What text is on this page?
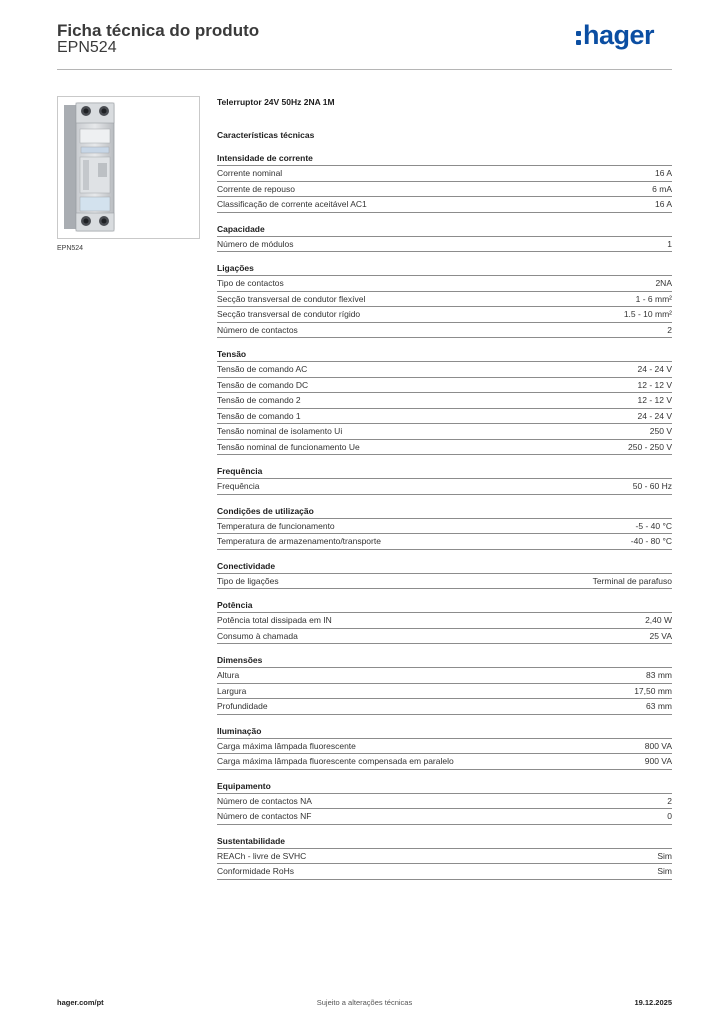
Ficha técnica do produto
EPN524	hager
EPN524
Telerruptor 24V 50Hz 2NA 1M
Características técnicas
Intensidade de corrente
Corrente nominal	16 A
Corrente de repouso	6 mA
Classificação de corrente aceitável AC1	16 A
Capacidade
Número de módulos	1
Ligações
Tipo de contactos	2NA
Secção transversal de condutor flexível	1 - 6 mm²
Secção transversal de condutor rígido	1.5 - 10 mm²
Número de contactos	2
Tensão
Tensão de comando AC	24 - 24 V
Tensão de comando DC	12 - 12 V
Tensão de comando 2	12 - 12 V
Tensão de comando 1	24 - 24 V
Tensão nominal de isolamento Ui	250 V
Tensão nominal de funcionamento Ue	250 - 250 V
Frequência
Frequência	50 - 60 Hz
Condições de utilização
Temperatura de funcionamento	-5 - 40 °C
Temperatura de armazenamento/transporte	-40 - 80 °C
Conectividade
Tipo de ligações	Terminal de parafuso
Potência
Potência total dissipada em IN	2,40 W
Consumo à chamada	25 VA
Dimensões
Altura	83 mm
Largura	17,50 mm
Profundidade	63 mm
Iluminação
Carga máxima lâmpada fluorescente	800 VA
Carga máxima lâmpada fluorescente compensada em paralelo	900 VA
Equipamento
Número de contactos NA	2
Número de contactos NF	0
Sustentabilidade
REACh - livre de SVHC	Sim
Conformidade RoHs	Sim
hager.com/pt	Sujeito a alterações técnicas	19.12.2025
